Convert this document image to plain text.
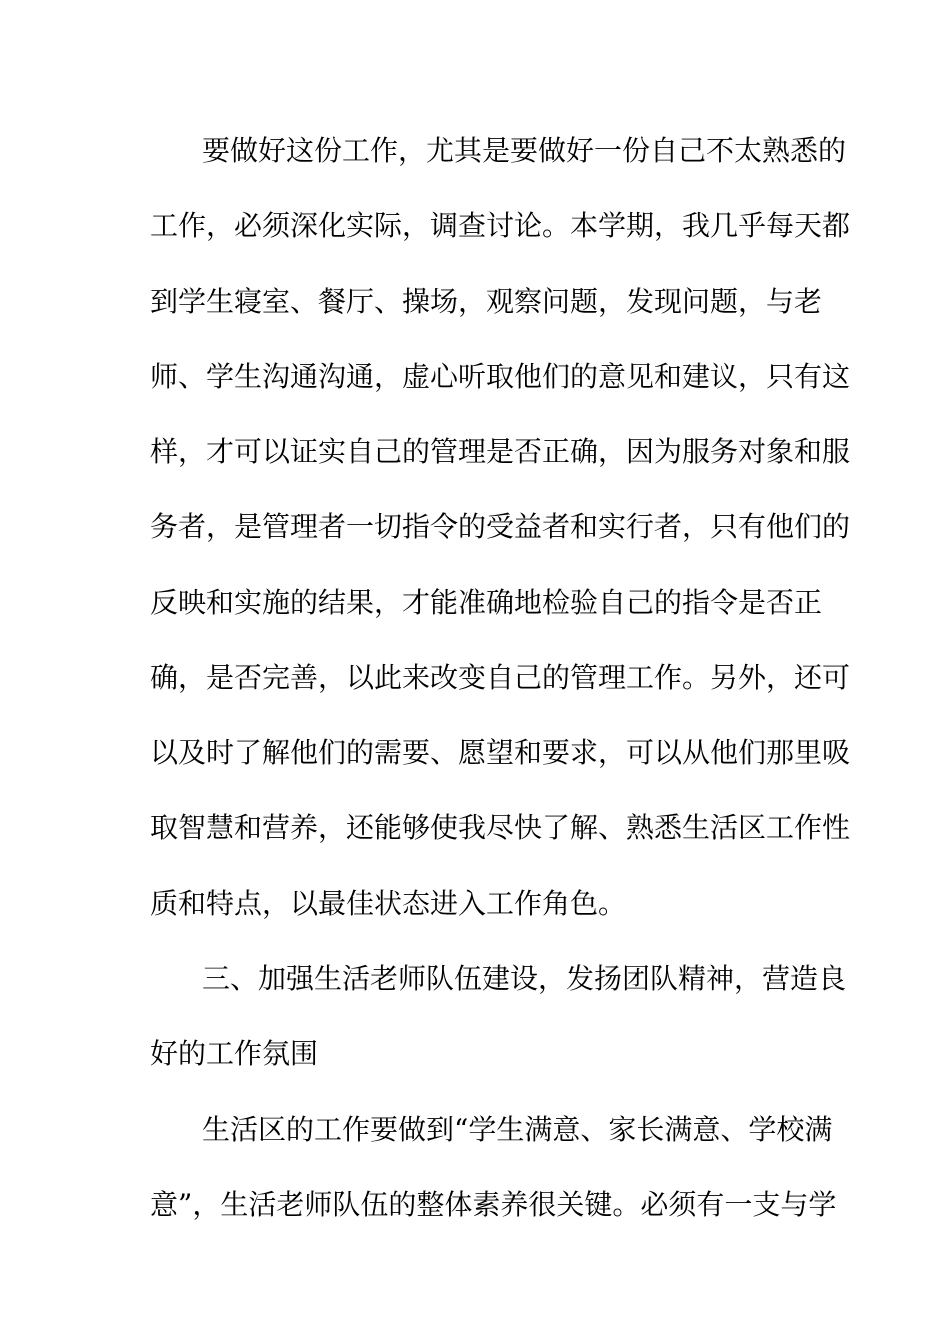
要做好这份工作，尤其是要做好一份自己不太熟悉的
工作，必须深化实际，调查讨论。本学期，我几乎每天都
到学生寝室、餐厅、操场，观察问题，发现问题，与老
师、学生沟通沟通，虚心听取他们的意见和建议，只有这
样，才可以证实自己的管理是否正确，因为服务对象和服
务者，是管理者一切指令的受益者和实行者，只有他们的
反映和实施的结果，才能准确地检验自己的指令是否正
确，是否完善，以此来改变自己的管理工作。另外，还可
以及时了解他们的需要、愿望和要求，可以从他们那里吸
取智慧和营养，还能够使我尽快了解、熟悉生活区工作性
质和特点，以最佳状态进入工作角色。
三、加强生活老师队伍建设，发扬团队精神，营造良
好的工作氛围
生活区的工作要做到“学生满意、家长满意、学校满
意”，生活老师队伍的整体素养很关键。必须有一支与学
